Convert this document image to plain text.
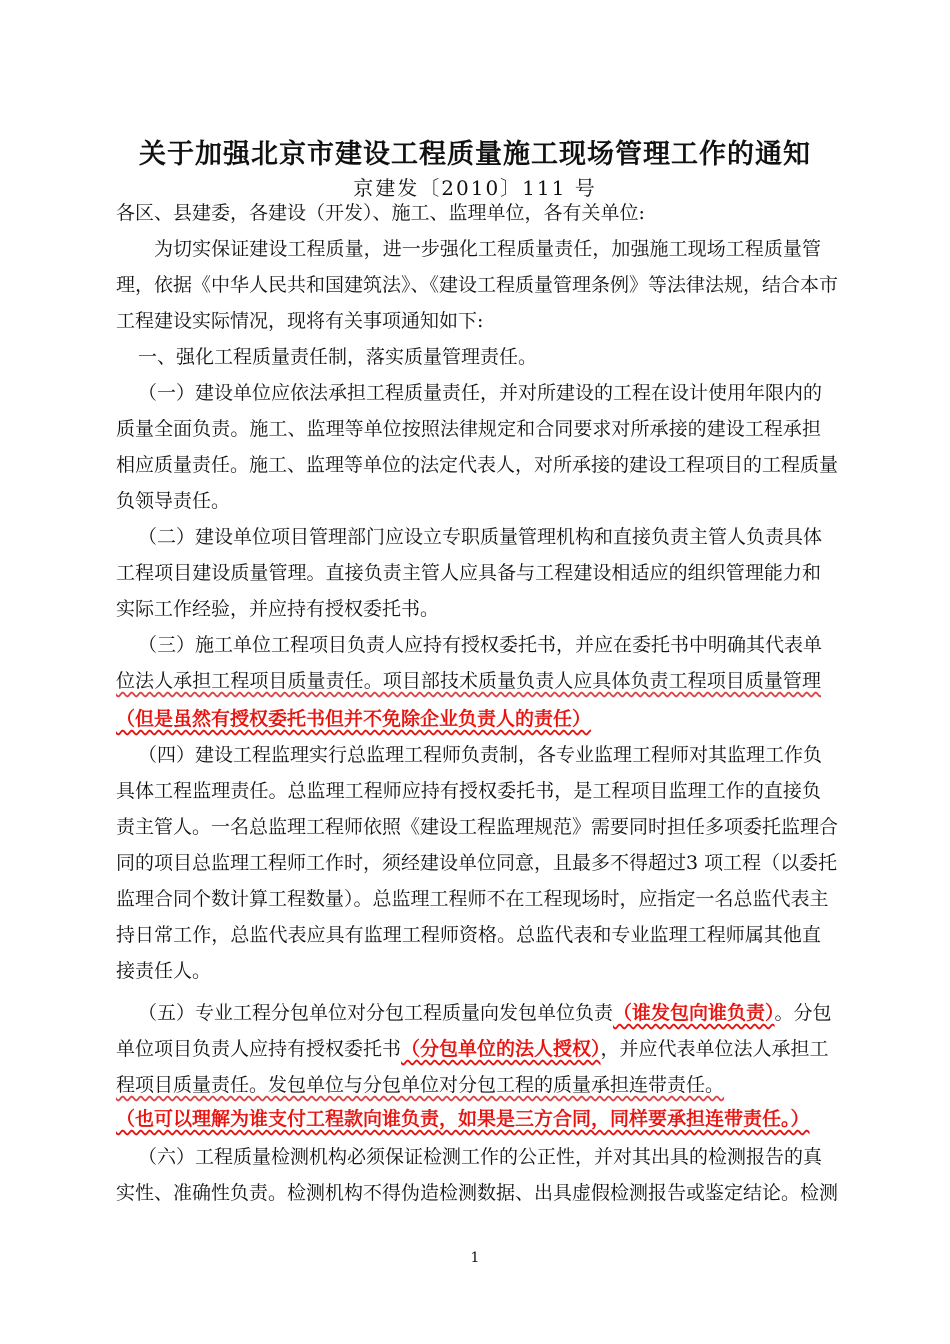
关于加强北京市建设工程质量施工现场管理工作的通知
京建发〔2010〕111 号
各区、县建委，各建设（开发）、施工、监理单位，各有关单位:
为切实保证建设工程质量，进一步强化工程质量责任，加强施工现场工程质量管
理，依据《中华人民共和国建筑法》、《建设工程质量管理条例》等法律法规，结合本市
工程建设实际情况，现将有关事项通知如下:
一、强化工程质量责任制，落实质量管理责任。
（一）建设单位应依法承担工程质量责任，并对所建设的工程在设计使用年限内的
质量全面负责。施工、监理等单位按照法律规定和合同要求对所承接的建设工程承担
相应质量责任。施工、监理等单位的法定代表人，对所承接的建设工程项目的工程质量
负领导责任。
（二）建设单位项目管理部门应设立专职质量管理机构和直接负责主管人负责具体
工程项目建设质量管理。直接负责主管人应具备与工程建设相适应的组织管理能力和
实际工作经验，并应持有授权委托书。
（三）施工单位工程项目负责人应持有授权委托书，并应在委托书中明确其代表单
位法人承担工程项目质量责任。项目部技术质量负责人应具体负责工程项目质量管理
（但是虽然有授权委托书但并不免除企业负责人的责任）
（四）建设工程监理实行总监理工程师负责制，各专业监理工程师对其监理工作负
具体工程监理责任。总监理工程师应持有授权委托书，是工程项目监理工作的直接负
责主管人。一名总监理工程师依照《建设工程监理规范》需要同时担任多项委托监理合
同的项目总监理工程师工作时，须经建设单位同意，且最多不得超过3 项工程（以委托
监理合同个数计算工程数量）。总监理工程师不在工程现场时，应指定一名总监代表主
持日常工作，总监代表应具有监理工程师资格。总监代表和专业监理工程师属其他直
接责任人。
（五）专业工程分包单位对分包工程质量向发包单位负责（谁发包向谁负责）。分包
单位项目负责人应持有授权委托书（分包单位的法人授权），并应代表单位法人承担工
程项目质量责任。发包单位与分包单位对分包工程的质量承担连带责任。
（也可以理解为谁支付工程款向谁负责，如果是三方合同，同样要承担连带责任。）
（六）工程质量检测机构必须保证检测工作的公正性，并对其出具的检测报告的真
实性、准确性负责。检测机构不得伪造检测数据、出具虚假检测报告或鉴定结论。检测
1
